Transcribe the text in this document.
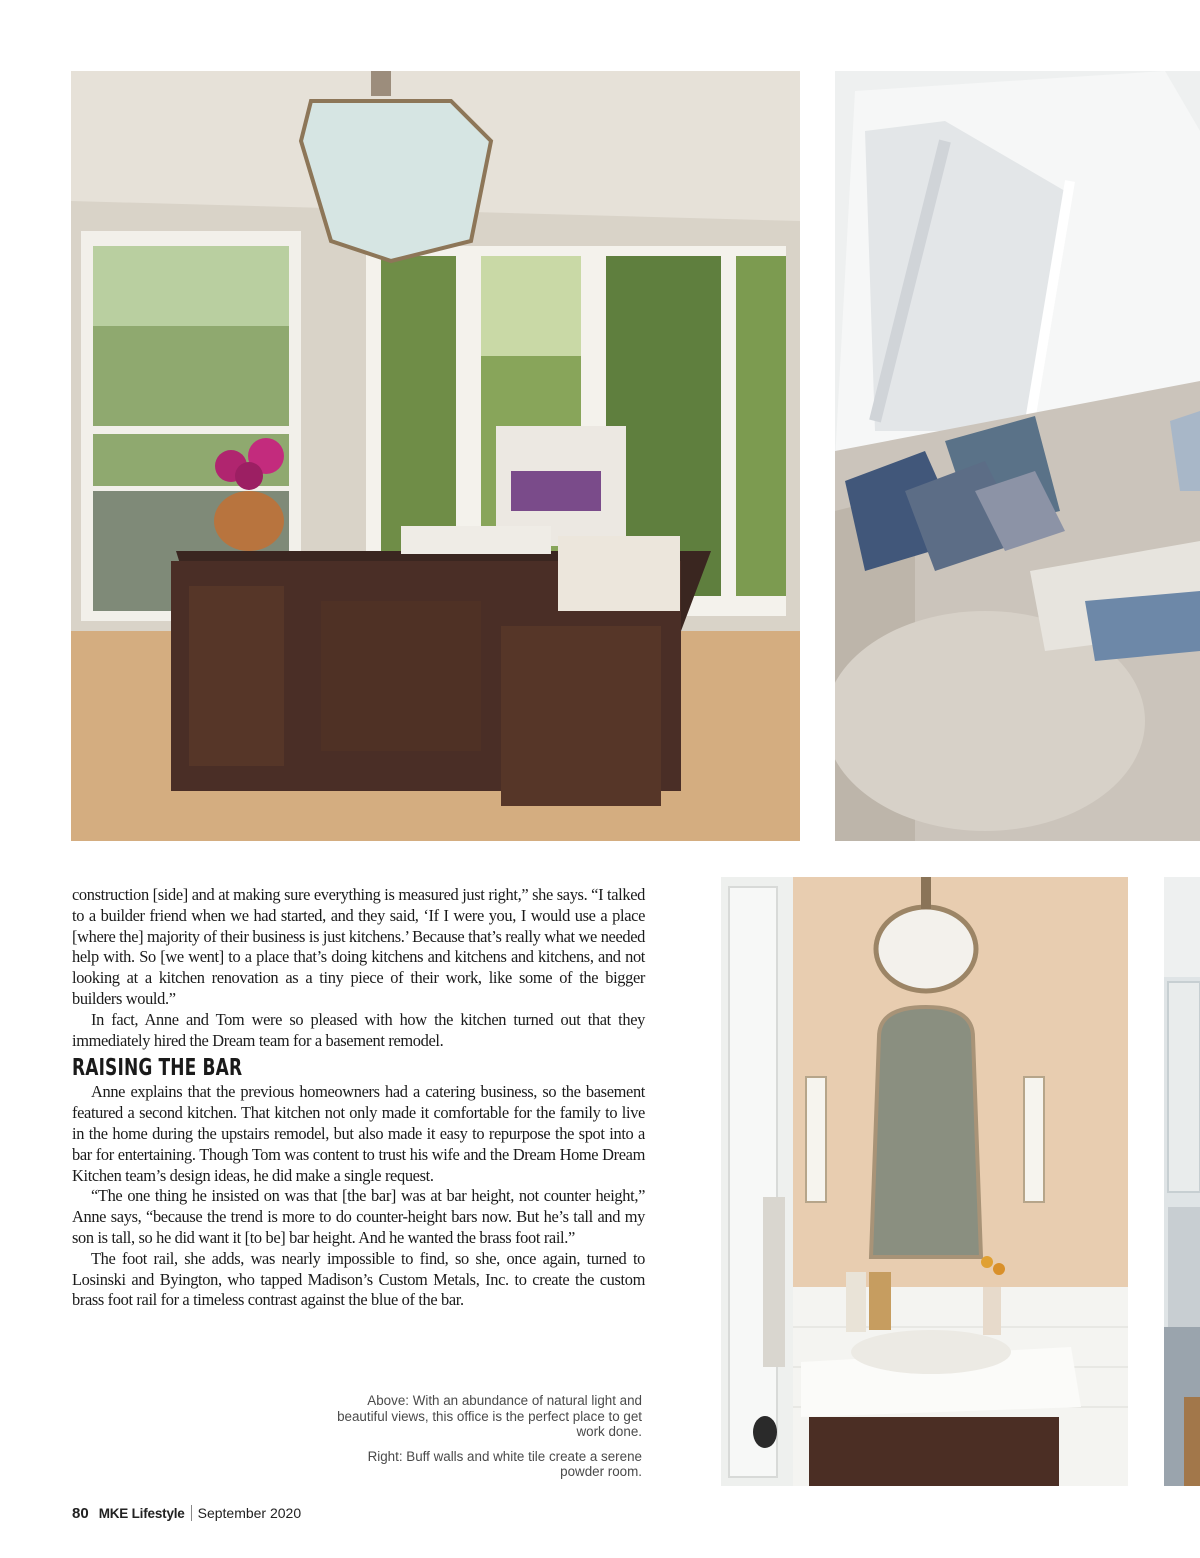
construction [side] and at making sure everything is measured just right,” she says. “I talked to a builder friend when we had started, and they said, ‘If I were you, I would use a place [where the] majority of their business is just kitchens.’ Because that’s really what we needed help with. So [we went] to a place that’s doing kitchens and kitchens and kitchens, and not looking at a kitchen renovation as a tiny piece of their work, like some of the bigger builders would.”

In fact, Anne and Tom were so pleased with how the kitchen turned out that they immediately hired the Dream team for a basement remodel.

RAISING THE BAR

Anne explains that the previous homeowners had a catering business, so the basement featured a second kitchen. That kitchen not only made it comfortable for the family to live in the home during the upstairs remodel, but also made it easy to repurpose the spot into a bar for entertaining. Though Tom was content to trust his wife and the Dream Home Dream Kitchen team’s design ideas, he did make a single request.

“The one thing he insisted on was that [the bar] was at bar height, not counter height,” Anne says, “because the trend is more to do counter-height bars now. But he’s tall and my son is tall, so he did want it [to be] bar height. And he wanted the brass foot rail.”

The foot rail, she adds, was nearly impossible to find, so she, once again, turned to Losinski and Byington, who tapped Madison’s Custom Metals, Inc. to create the custom brass foot rail for a timeless contrast against the blue of the bar.

Above: With an abundance of natural light and beautiful views, this office is the perfect place to get work done.

Right: Buff walls and white tile create a serene powder room.

80 MKE Lifestyle September 2020
